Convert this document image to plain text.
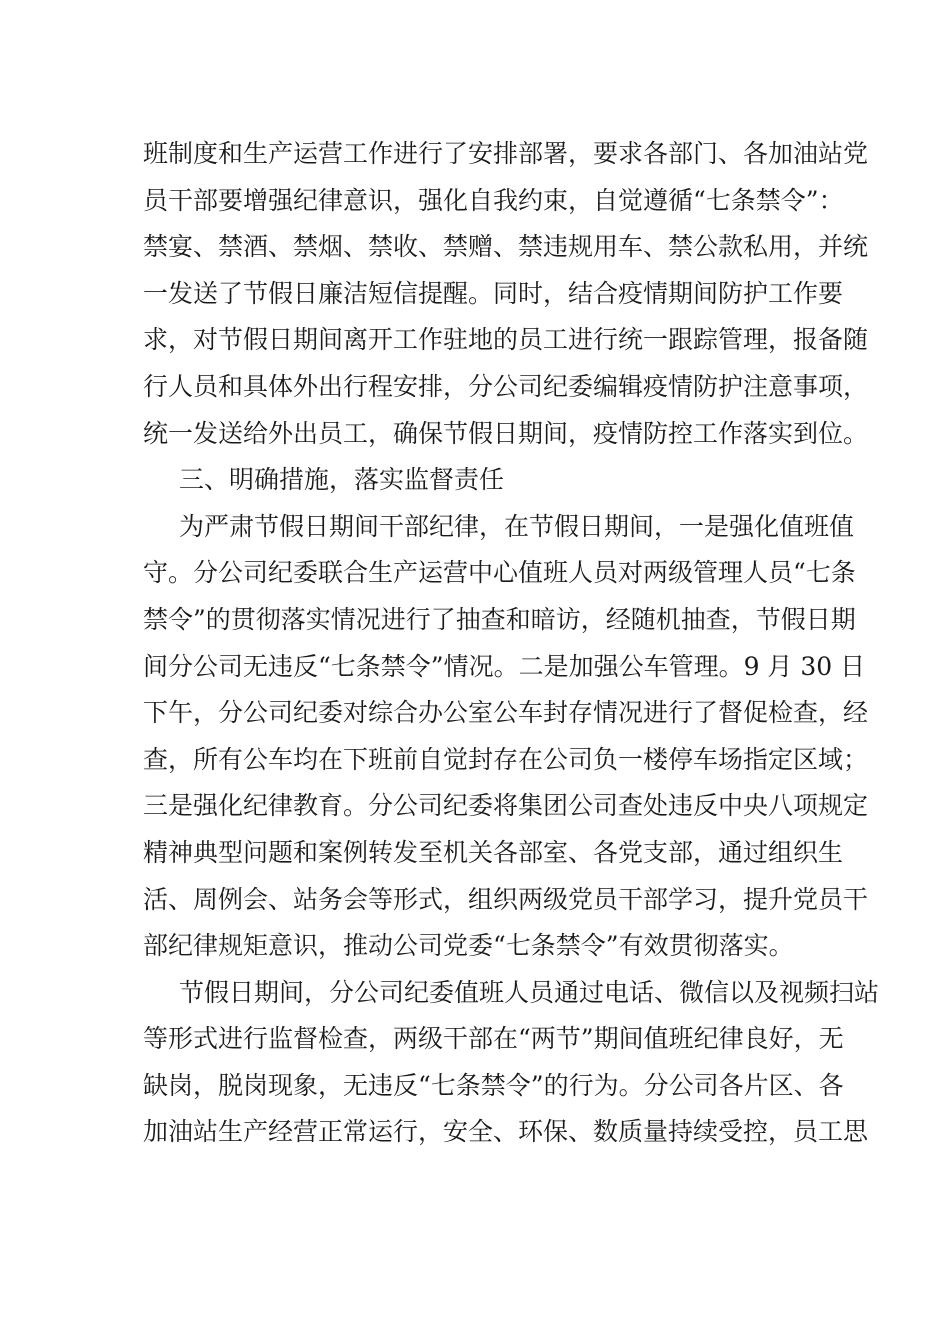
班制度和生产运营工作进行了安排部署，要求各部门、各加油站党
员干部要增强纪律意识，强化自我约束，自觉遵循“七条禁令”：
禁宴、禁酒、禁烟、禁收、禁赠、禁违规用车、禁公款私用，并统
一发送了节假日廉洁短信提醒。同时，结合疫情期间防护工作要
求，对节假日期间离开工作驻地的员工进行统一跟踪管理，报备随
行人员和具体外出行程安排，分公司纪委编辑疫情防护注意事项，
统一发送给外出员工，确保节假日期间，疫情防控工作落实到位。
三、明确措施，落实监督责任
为严肃节假日期间干部纪律，在节假日期间，一是强化值班值
守。分公司纪委联合生产运营中心值班人员对两级管理人员“七条
禁令”的贯彻落实情况进行了抽查和暗访，经随机抽查，节假日期
间分公司无违反“七条禁令”情况。二是加强公车管理。9 月 30 日
下午，分公司纪委对综合办公室公车封存情况进行了督促检查，经
查，所有公车均在下班前自觉封存在公司负一楼停车场指定区域；
三是强化纪律教育。分公司纪委将集团公司查处违反中央八项规定
精神典型问题和案例转发至机关各部室、各党支部，通过组织生
活、周例会、站务会等形式，组织两级党员干部学习，提升党员干
部纪律规矩意识，推动公司党委“七条禁令”有效贯彻落实。
节假日期间，分公司纪委值班人员通过电话、微信以及视频扫站
等形式进行监督检查，两级干部在“两节”期间值班纪律良好，无
缺岗，脱岗现象，无违反“七条禁令”的行为。分公司各片区、各
加油站生产经营正常运行，安全、环保、数质量持续受控，员工思
